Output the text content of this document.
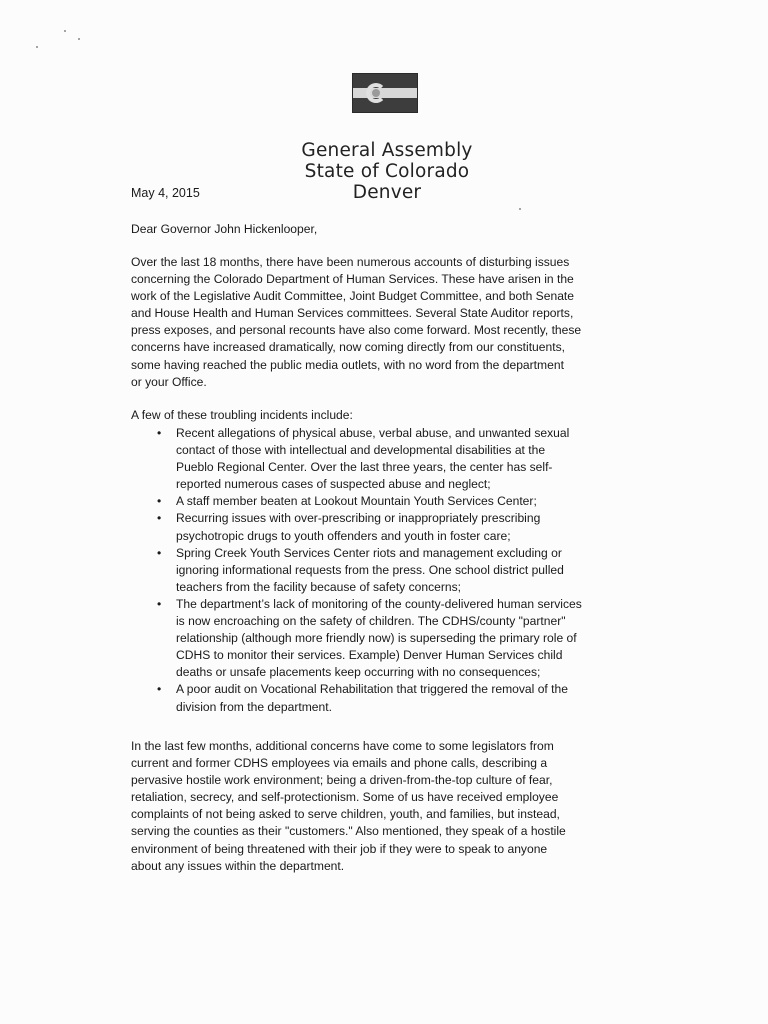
General Assembly
State of Colorado
Denver
May 4, 2015
Dear Governor John Hickenlooper,
Over the last 18 months, there have been numerous accounts of disturbing issues
concerning the Colorado Department of Human Services. These have arisen in the
work of the Legislative Audit Committee, Joint Budget Committee, and both Senate
and House Health and Human Services committees. Several State Auditor reports,
press exposes, and personal recounts have also come forward. Most recently, these
concerns have increased dramatically, now coming directly from our constituents,
some having reached the public media outlets, with no word from the department
or your Office.
A few of these troubling incidents include:
• Recent allegations of physical abuse, verbal abuse, and unwanted sexual
contact of those with intellectual and developmental disabilities at the
Pueblo Regional Center. Over the last three years, the center has self-
reported numerous cases of suspected abuse and neglect;
• A staff member beaten at Lookout Mountain Youth Services Center;
• Recurring issues with over-prescribing or inappropriately prescribing
psychotropic drugs to youth offenders and youth in foster care;
• Spring Creek Youth Services Center riots and management excluding or
ignoring informational requests from the press. One school district pulled
teachers from the facility because of safety concerns;
• The department’s lack of monitoring of the county-delivered human services
is now encroaching on the safety of children. The CDHS/county "partner"
relationship (although more friendly now) is superseding the primary role of
CDHS to monitor their services. Example) Denver Human Services child
deaths or unsafe placements keep occurring with no consequences;
• A poor audit on Vocational Rehabilitation that triggered the removal of the
division from the department.
In the last few months, additional concerns have come to some legislators from
current and former CDHS employees via emails and phone calls, describing a
pervasive hostile work environment; being a driven-from-the-top culture of fear,
retaliation, secrecy, and self-protectionism. Some of us have received employee
complaints of not being asked to serve children, youth, and families, but instead,
serving the counties as their "customers." Also mentioned, they speak of a hostile
environment of being threatened with their job if they were to speak to anyone
about any issues within the department.
